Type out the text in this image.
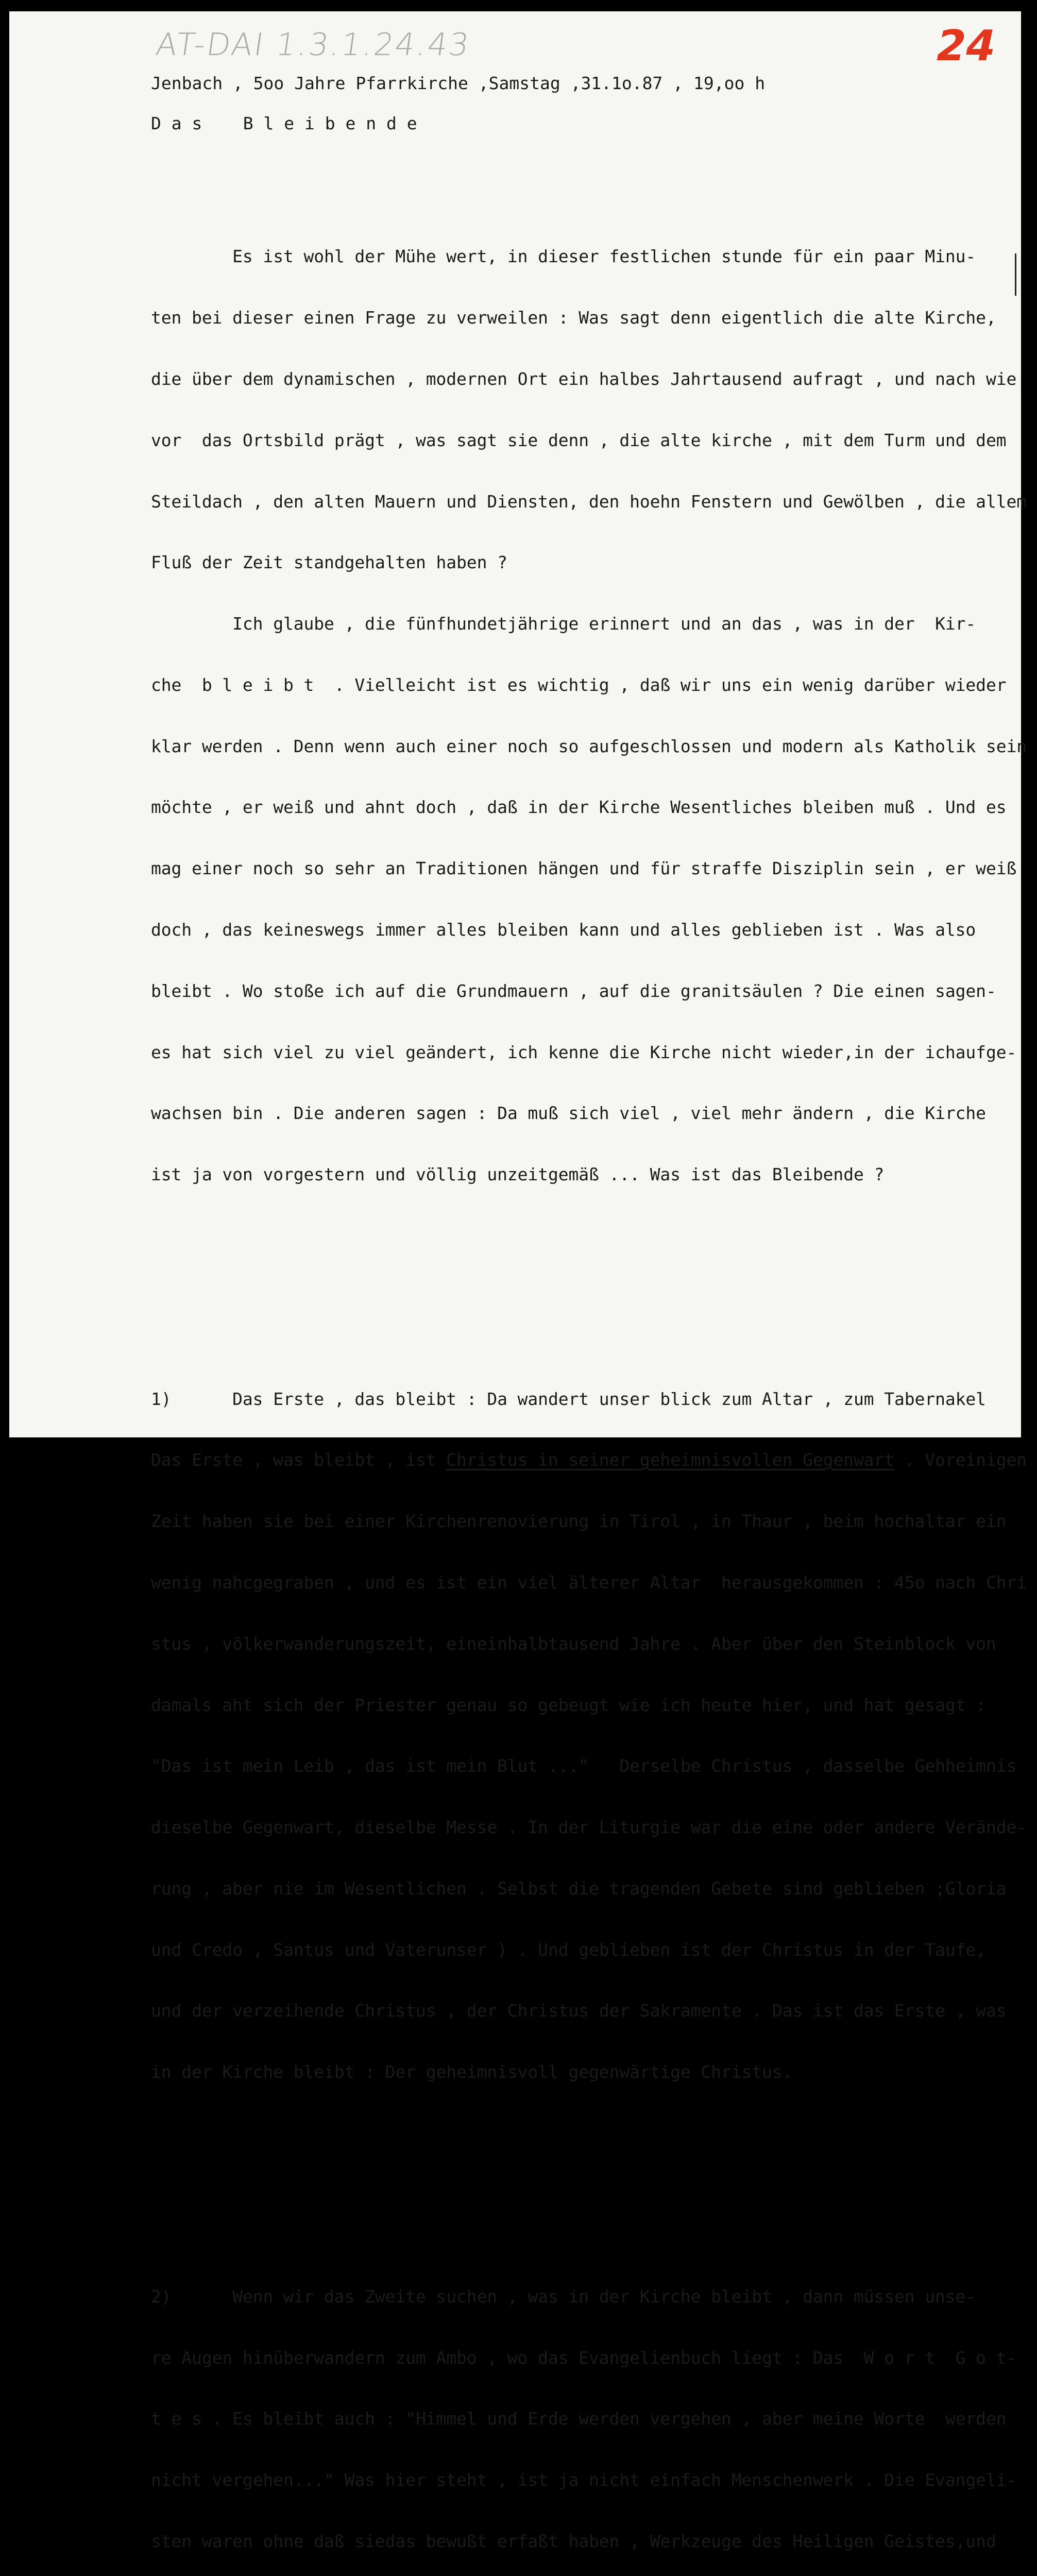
AT-DAI 1.3.1.24.43	24
Jenbach , 5oo Jahre Pfarrkirche ,Samstag ,31.1o.87 , 19,oo h
D a s    B l e i b e n d e

Es ist wohl der Mühe wert, in dieser festlichen stunde für ein paar Minu-

ten bei dieser einen Frage zu verweilen : Was sagt denn eigentlich die alte Kirche,

die über dem dynamischen , modernen Ort ein halbes Jahrtausend aufragt , und nach wie

vor  das Ortsbild prägt , was sagt sie denn , die alte kirche , mit dem Turm und dem

Steildach , den alten Mauern und Diensten, den hoehn Fenstern und Gewölben , die allem

Fluß der Zeit standgehalten haben ?

Ich glaube , die fünfhundetjährige erinnert und an das , was in der  Kir-

che  b l e i b t  . Vielleicht ist es wichtig , daß wir uns ein wenig darüber wieder

klar werden . Denn wenn auch einer noch so aufgeschlossen und modern als Katholik sein

möchte , er weiß und ahnt doch , daß in der Kirche Wesentliches bleiben muß . Und es

mag einer noch so sehr an Traditionen hängen und für straffe Disziplin sein , er weiß

doch , das keineswegs immer alles bleiben kann und alles geblieben ist . Was also

bleibt . Wo stoße ich auf die Grundmauern , auf die granitsäulen ? Die einen sagen-

es hat sich viel zu viel geändert, ich kenne die Kirche nicht wieder,in der ichaufge-

wachsen bin . Die anderen sagen : Da muß sich viel , viel mehr ändern , die Kirche

ist ja von vorgestern und völlig unzeitgemäß ... Was ist das Bleibende ?

1)      Das Erste , das bleibt : Da wandert unser blick zum Altar , zum Tabernakel

Das Erste , was bleibt , ist Christus in seiner geheimnisvollen Gegenwart . Voreinigen

Zeit haben sie bei einer Kirchenrenovierung in Tirol , in Thaur , beim hochaltar ein

wenig nahcgegraben , und es ist ein viel älterer Altar  herausgekommen : 45o nach Chri

stus , völkerwanderungszeit, eineinhalbtausend Jahre . Aber über den Steinblock von

damals aht sich der Priester genau so gebeugt wie ich heute hier, und hat gesagt :

"Das ist mein Leib , das ist mein Blut ..."   Derselbe Christus , dasselbe Gehheimnis

dieselbe Gegenwart, dieselbe Messe . In der Liturgie war die eine oder andere Verände-

rung , aber nie im Wesentlichen . Selbst die tragenden Gebete sind geblieben ;Gloria

und Credo , Santus und Vaterunser ) . Und geblieben ist der Christus in der Taufe,

und der verzeihende Christus , der Christus der Sakramente . Das ist das Erste , was

in der Kirche bleibt : Der geheimnisvoll gegenwärtige Christus.

2)      Wenn wir das Zweite suchen , was in der Kirche bleibt , dann müssen unse-

re Augen hinüberwandern zum Ambo , wo das Evangelienbuch liegt : Das  W o r t  G o t-

t e s . Es bleibt auch : "Himmel und Erde werden vergehen , aber meine Worte  werden

nicht vergehen..." Was hier steht , ist ja nicht einfach Menschenwerk . Die Evangeli-

sten waren ohne daß siedas bewußt erfaßt haben , Werkzeuge des Heiligen Geistes,und
